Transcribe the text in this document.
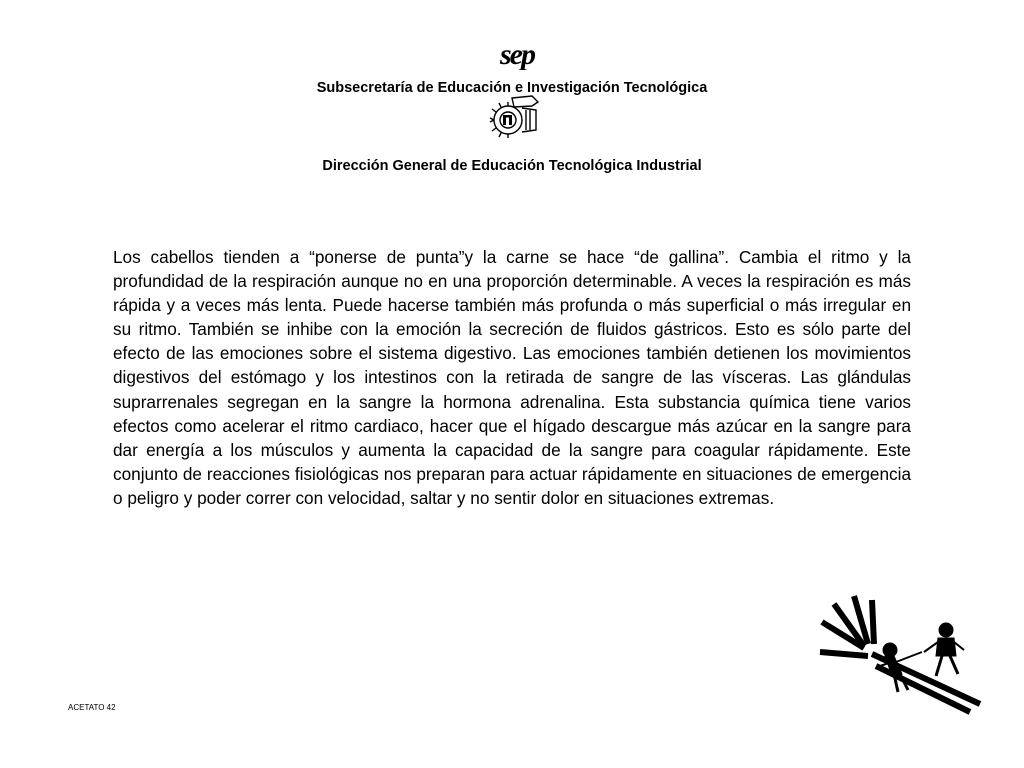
sep
Subsecretaría de Educación e Investigación Tecnológica
Dirección General de Educación Tecnológica Industrial

Los cabellos tienden a “ponerse de punta”y la carne se hace “de gallina”. Cambia el ritmo y la profundidad de la respiración aunque no en una proporción determinable. A veces la respiración es más rápida y a veces más lenta. Puede hacerse también más profunda o más superficial o más irregular en su ritmo. También se inhibe con la emoción la secreción de fluidos gástricos. Esto es sólo parte del efecto de las emociones sobre el sistema digestivo. Las emociones también detienen los movimientos digestivos del estómago y los intestinos con la retirada de sangre de las vísceras. Las glándulas suprarrenales segregan en la sangre la hormona adrenalina. Esta substancia química tiene varios efectos como acelerar el ritmo cardiaco, hacer que el hígado descargue más azúcar en la sangre para dar energía a los músculos y aumenta la capacidad de la sangre para coagular rápidamente. Este conjunto de reacciones fisiológicas nos preparan para actuar rápidamente en situaciones de emergencia o peligro y poder correr con velocidad, saltar y no sentir dolor en situaciones extremas.

ACETATO 42
